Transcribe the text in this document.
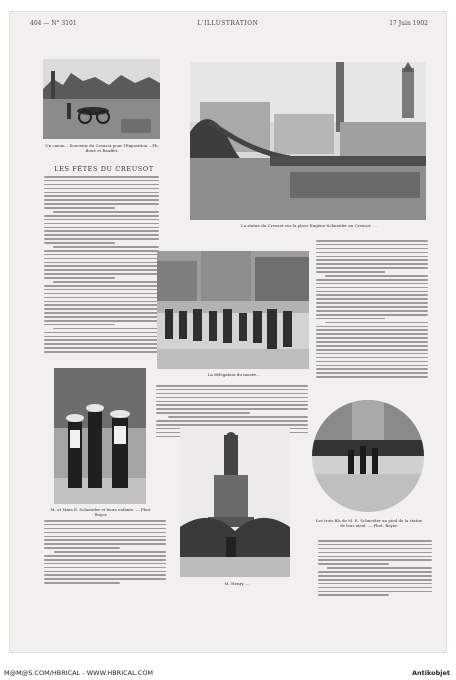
404 — N° 3101	L'ILLUSTRATION	17 Juin 1902
Un canon... Souvenir du Creusot pour l'Exposition ...Ph. Boué et Rauffet.
La statue du Creusot sur la place Eugène-Schneider au Creusot. ...
LES FÊTES DU CREUSOT
La délégation du musée...
M. et Mme E. Schneider et leurs enfants. — Phot. Boyer.
M. Henry, ...
Les trois fils de M. E. Schneider au pied de la statue de leur aïeul. — Phot. Boyer.
M@M@S.COM/HBRICAL - WWW.HBRICAL.COM	Antikobjet
